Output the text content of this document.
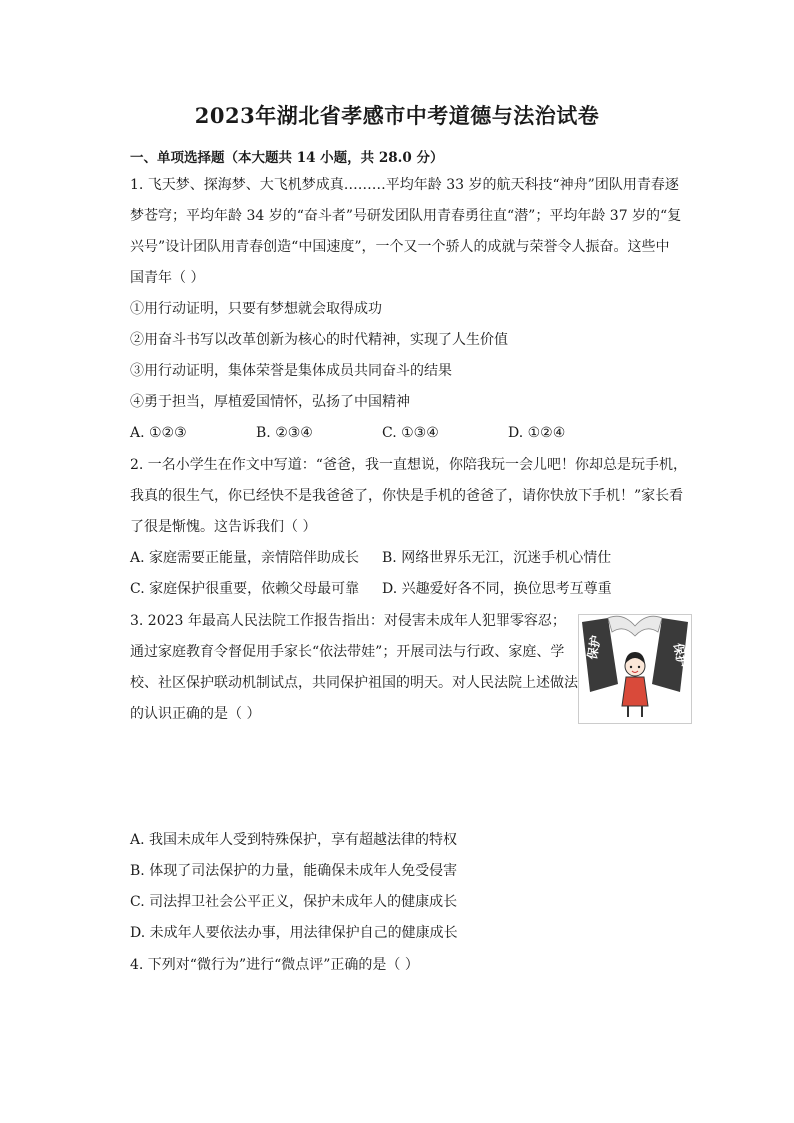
2023年湖北省孝感市中考道德与法治试卷
一、单项选择题（本大题共 14 小题，共 28.0 分）
1. 飞天梦、探海梦、大飞机梦成真………平均年龄 33 岁的航天科技“神舟”团队用青春逐
梦苍穹；平均年龄 34 岁的“奋斗者”号研发团队用青春勇往直“潜”；平均年龄 37 岁的“复
兴号”设计团队用青春创造“中国速度”，一个又一个骄人的成就与荣誉令人振奋。这些中
国青年（ ）
①用行动证明，只要有梦想就会取得成功
②用奋斗书写以改革创新为核心的时代精神，实现了人生价值
③用行动证明，集体荣誉是集体成员共同奋斗的结果
④勇于担当，厚植爱国情怀，弘扬了中国精神
A. ①②③	B. ②③④	C. ①③④	D. ①②④
2. 一名小学生在作文中写道：“爸爸，我一直想说，你陪我玩一会儿吧！你却总是玩手机，
我真的很生气，你已经快不是我爸爸了，你快是手机的爸爸了，请你快放下手机！”家长看
了很是惭愧。这告诉我们（ ）
A. 家庭需要正能量，亲情陪伴助成长	B. 网络世界乐无江，沉迷手机心情仕
C. 家庭保护很重要，依赖父母最可靠	D. 兴趣爱好各不同，换位思考互尊重
3. 2023 年最高人民法院工作报告指出：对侵害未成年人犯罪零容忍；
通过家庭教育令督促用手家长“依法带娃”；开展司法与行政、家庭、学
校、社区保护联动机制试点，共同保护祖国的明天。对人民法院上述做法
的认识正确的是（ ）
保护	保护
A. 我国未成年人受到特殊保护，享有超越法律的特权
B. 体现了司法保护的力量，能确保未成年人免受侵害
C. 司法捍卫社会公平正义，保护未成年人的健康成长
D. 未成年人要依法办事，用法律保护自己的健康成长
4. 下列对“微行为”进行“微点评”正确的是（ ）
